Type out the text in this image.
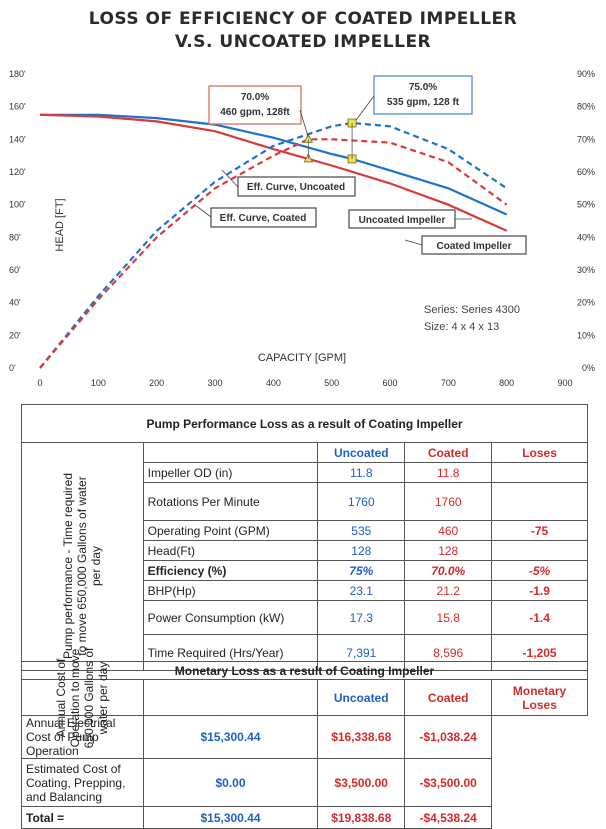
LOSS OF EFFICIENCY OF COATED IMPELLER
V.S. UNCOATED IMPELLER
0'
20'
40'
60'
80'
100'
120'
140'
160'
180'
0%
10%
20%
30%
40%
50%
60%
70%
80%
90%
0	100	200	300	400	500	600	700	800	900
CAPACITY [GPM]
HEAD [FT]
70.0%
460 gpm, 128ft
75.0%
535 gpm, 128 ft
Eff. Curve, Uncoated
Eff. Curve, Coated	Uncoated Impeller
Coated Impeller
Series: Series 4300
Size: 4 x 4 x 13
Pump Performance Loss as a result of Coating Impeller				
		Uncoated	Coated	Loses

Pump performance - Time required to move 650,000 Gallons of water per day	Impeller OD (in)	11.8	11.8	
	Rotations Per Minute	1760	1760	
	Operating Point (GPM)	535	460	-75
	Head(Ft)	128	128	
	Efficiency (%)	75%	70.0%	-5%
	BHP(Hp)	23.1	21.2	-1.9
	Power Consumption (kW)	17.3	15.8	-1.4
	Time Required (Hrs/Year)	7,391	8,596	-1,205
Monetary Loss as a result of Coating Impeller				

Annual Cost of Operation to move 650,000 Gallons of water per day		Uncoated	Coated	Monetary Loses
Annual Electrical Cost of Pump Operation	$15,300.44	$16,338.68	-$1,038.24	
Estimated Cost of Coating, Prepping, and Balancing	$0.00	$3,500.00	-$3,500.00	
Total =	$15,300.44	$19,838.68	-$4,538.24	
